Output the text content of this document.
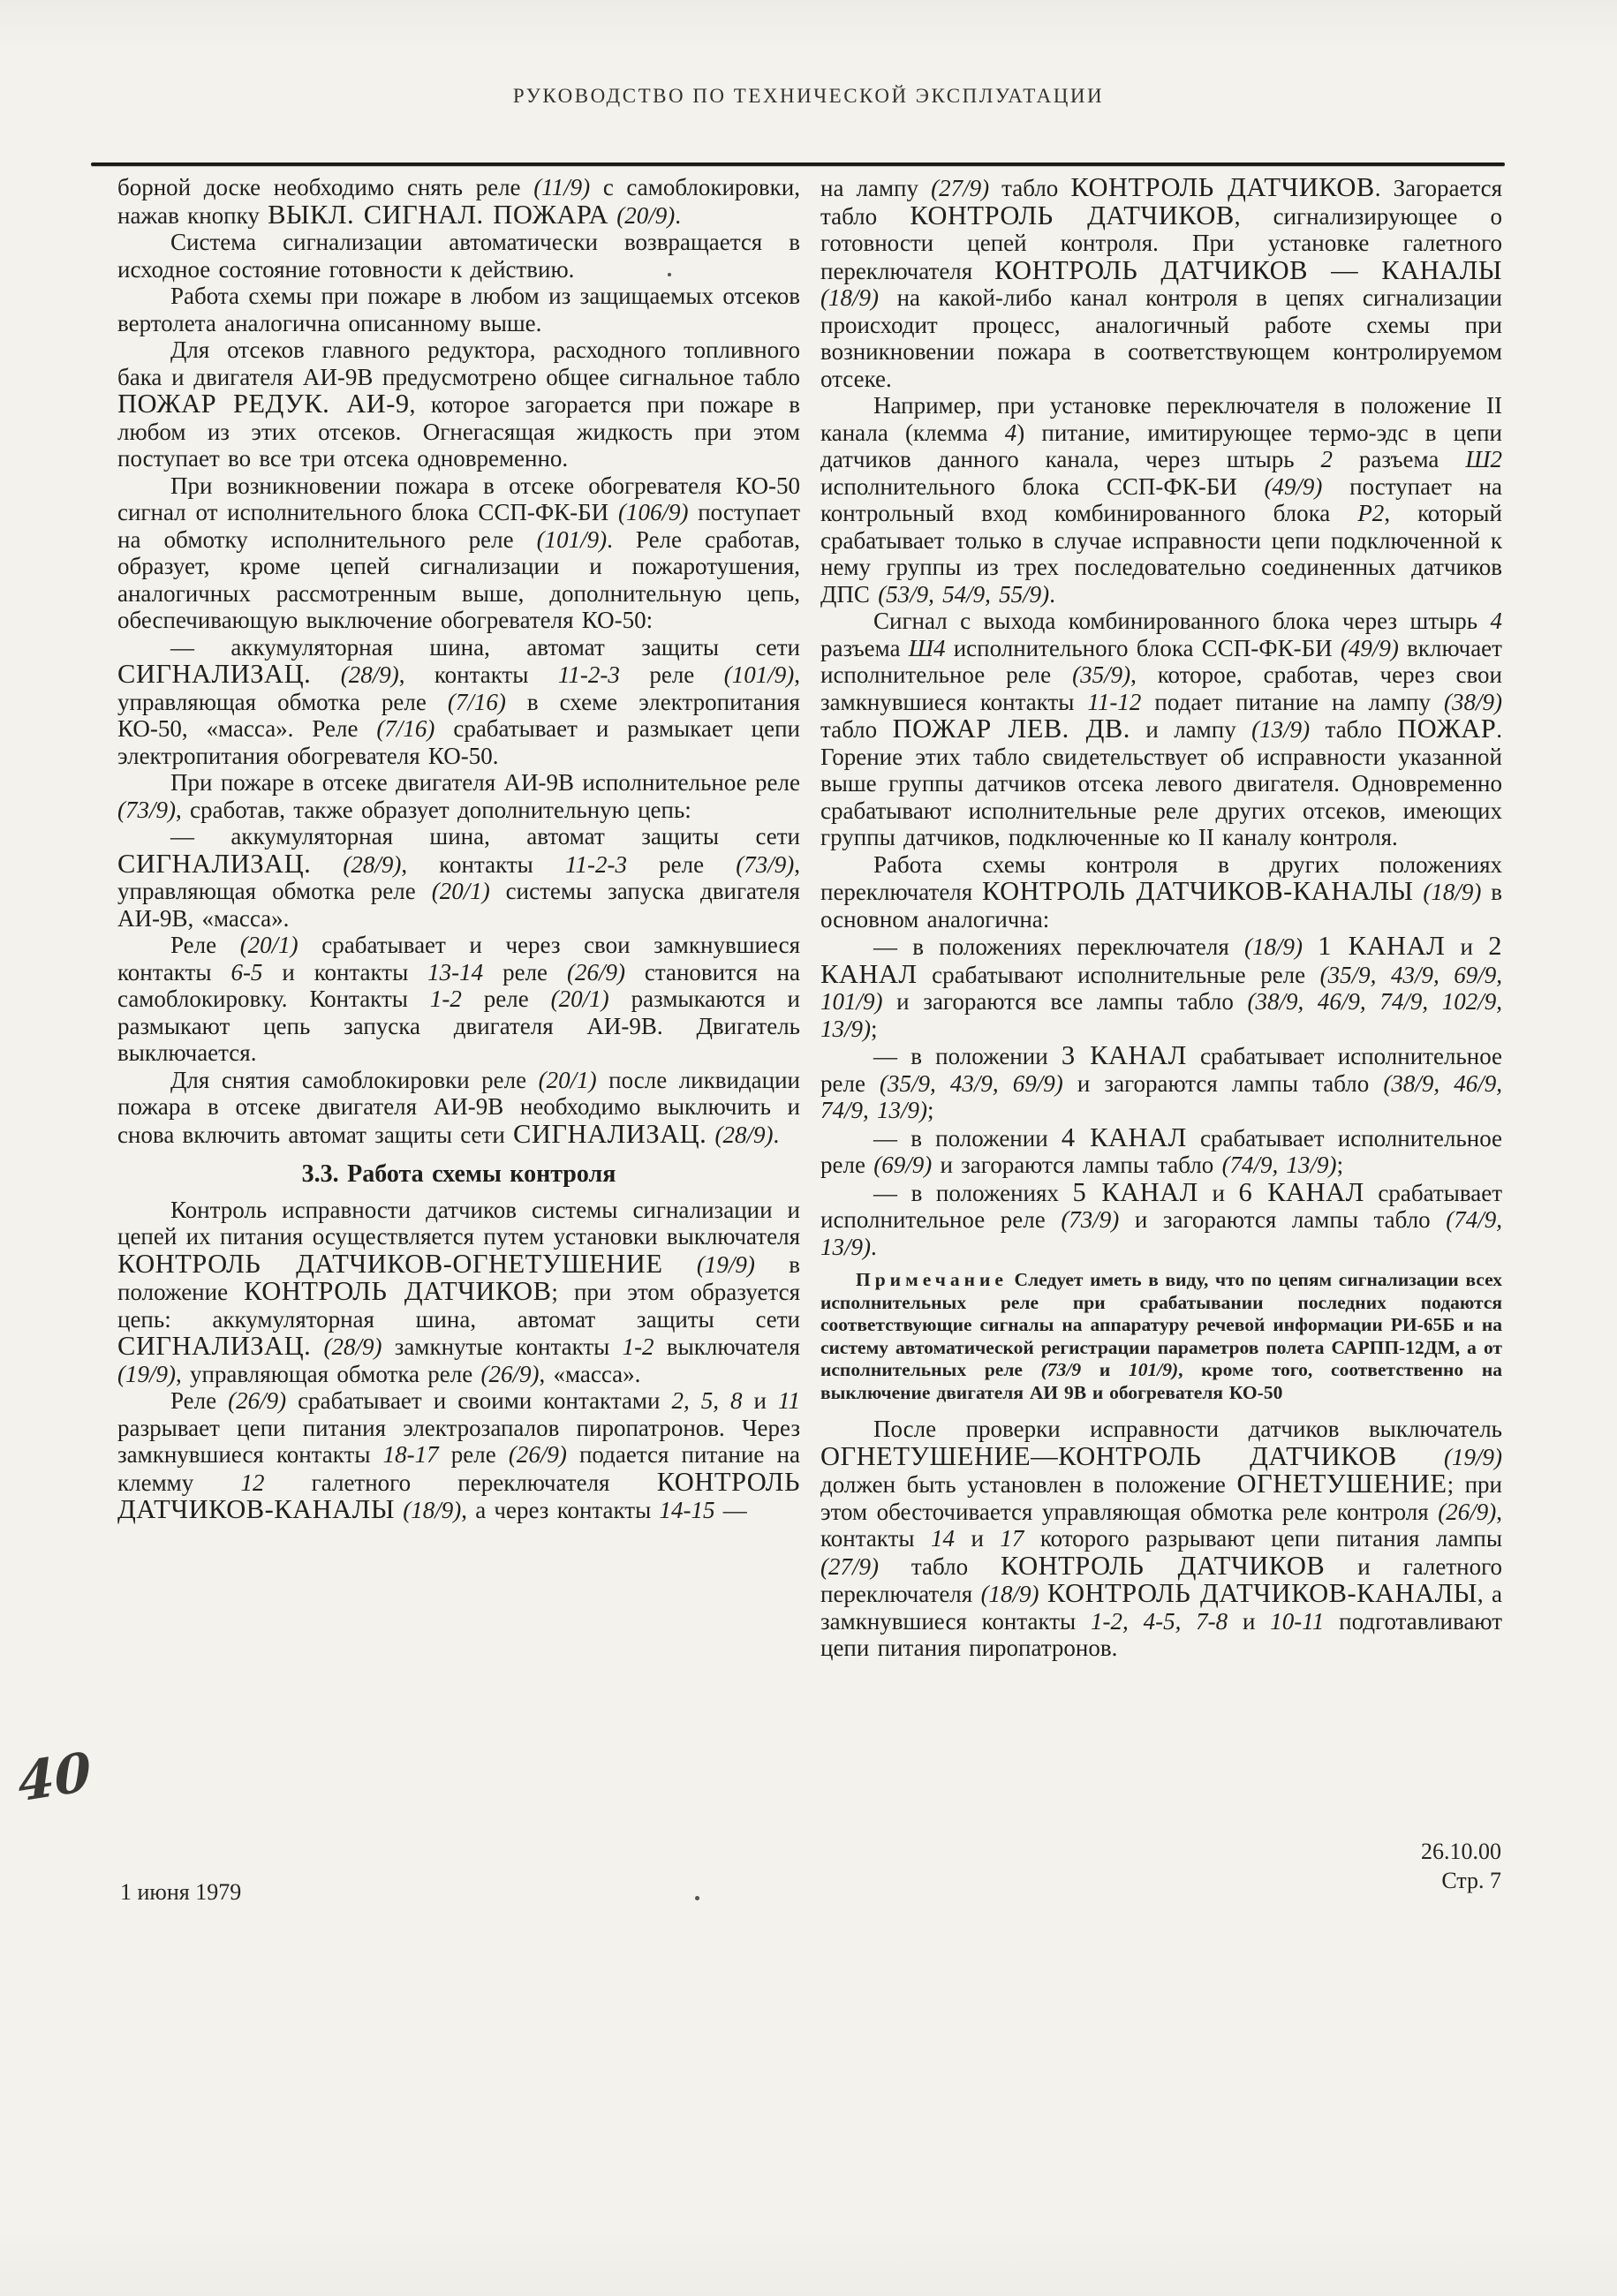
РУКОВОДСТВО ПО ТЕХНИЧЕСКОЙ ЭКСПЛУАТАЦИИ

борной доске необходимо снять реле (11/9) с самоблокировки, нажав кнопку ВЫКЛ. СИГНАЛ. ПОЖАРА (20/9).

Система сигнализации автоматически возвращается в исходное состояние готовности к действию.

Работа схемы при пожаре в любом из защищаемых отсеков вертолета аналогична описанному выше.

Для отсеков главного редуктора, расходного топливного бака и двигателя АИ-9В предусмотрено общее сигнальное табло ПОЖАР РЕДУК. АИ-9, которое загорается при пожаре в любом из этих отсеков. Огнегасящая жидкость при этом поступает во все три отсека одновременно.

При возникновении пожара в отсеке обогревателя КО-50 сигнал от исполнительного блока ССП-ФК-БИ (106/9) поступает на обмотку исполнительного реле (101/9). Реле сработав, образует, кроме цепей сигнализации и пожаротушения, аналогичных рассмотренным выше, дополнительную цепь, обеспечивающую выключение обогревателя КО-50:

— аккумуляторная шина, автомат защиты сети СИГНАЛИЗАЦ. (28/9), контакты 11-2-3 реле (101/9), управляющая обмотка реле (7/16) в схеме электропитания КО-50, «масса». Реле (7/16) срабатывает и размыкает цепи электропитания обогревателя КО-50.

При пожаре в отсеке двигателя АИ-9В исполнительное реле (73/9), сработав, также образует дополнительную цепь:

— аккумуляторная шина, автомат защиты сети СИГНАЛИЗАЦ. (28/9), контакты 11-2-3 реле (73/9), управляющая обмотка реле (20/1) системы запуска двигателя АИ-9В, «масса».

Реле (20/1) срабатывает и через свои замкнувшиеся контакты 6-5 и контакты 13-14 реле (26/9) становится на самоблокировку. Контакты 1-2 реле (20/1) размыкаются и размыкают цепь запуска двигателя АИ-9В. Двигатель выключается.

Для снятия самоблокировки реле (20/1) после ликвидации пожара в отсеке двигателя АИ-9В необходимо выключить и снова включить автомат защиты сети СИГНАЛИЗАЦ. (28/9).

3.3. Работа схемы контроля

Контроль исправности датчиков системы сигнализации и цепей их питания осуществляется путем установки выключателя КОНТРОЛЬ ДАТЧИКОВ-ОГНЕТУШЕНИЕ (19/9) в положение КОНТРОЛЬ ДАТЧИКОВ; при этом образуется цепь: аккумуляторная шина, автомат защиты сети СИГНАЛИЗАЦ. (28/9) замкнутые контакты 1-2 выключателя (19/9), управляющая обмотка реле (26/9), «масса».

Реле (26/9) срабатывает и своими контактами 2, 5, 8 и 11 разрывает цепи питания электрозапалов пиропатронов. Через замкнувшиеся контакты 18-17 реле (26/9) подается питание на клемму 12 галетного переключателя КОНТРОЛЬ ДАТЧИКОВ-КАНАЛЫ (18/9), а через контакты 14-15 —

на лампу (27/9) табло КОНТРОЛЬ ДАТЧИКОВ. Загорается табло КОНТРОЛЬ ДАТЧИКОВ, сигнализирующее о готовности цепей контроля. При установке галетного переключателя КОНТРОЛЬ ДАТЧИКОВ — КАНАЛЫ (18/9) на какой-либо канал контроля в цепях сигнализации происходит процесс, аналогичный работе схемы при возникновении пожара в соответствующем контролируемом отсеке.

Например, при установке переключателя в положение II канала (клемма 4) питание, имитирующее термо-эдс в цепи датчиков данного канала, через штырь 2 разъема Ш2 исполнительного блока ССП-ФК-БИ (49/9) поступает на контрольный вход комбинированного блока Р2, который срабатывает только в случае исправности цепи подключенной к нему группы из трех последовательно соединенных датчиков ДПС (53/9, 54/9, 55/9).

Сигнал с выхода комбинированного блока через штырь 4 разъема Ш4 исполнительного блока ССП-ФК-БИ (49/9) включает исполнительное реле (35/9), которое, сработав, через свои замкнувшиеся контакты 11-12 подает питание на лампу (38/9) табло ПОЖАР ЛЕВ. ДВ. и лампу (13/9) табло ПОЖАР. Горение этих табло свидетельствует об исправности указанной выше группы датчиков отсека левого двигателя. Одновременно срабатывают исполнительные реле других отсеков, имеющих группы датчиков, подключенные ко II каналу контроля.

Работа схемы контроля в других положениях переключателя КОНТРОЛЬ ДАТЧИКОВ-КАНАЛЫ (18/9) в основном аналогична:

— в положениях переключателя (18/9) 1 КАНАЛ и 2 КАНАЛ срабатывают исполнительные реле (35/9, 43/9, 69/9, 101/9) и загораются все лампы табло (38/9, 46/9, 74/9, 102/9, 13/9);

— в положении 3 КАНАЛ срабатывает исполнительное реле (35/9, 43/9, 69/9) и загораются лампы табло (38/9, 46/9, 74/9, 13/9);

— в положении 4 КАНАЛ срабатывает исполнительное реле (69/9) и загораются лампы табло (74/9, 13/9);

— в положениях 5 КАНАЛ и 6 КАНАЛ срабатывает исполнительное реле (73/9) и загораются лампы табло (74/9, 13/9).

Примечание Следует иметь в виду, что по цепям сигнализации всех исполнительных реле при срабатывании последних подаются соответствующие сигналы на аппаратуру речевой информации РИ-65Б и на систему автоматической регистрации параметров полета САРПП-12ДМ, а от исполнительных реле (73/9 и 101/9), кроме того, соответственно на выключение двигателя АИ 9В и обогревателя КО-50

После проверки исправности датчиков выключатель ОГНЕТУШЕНИЕ—КОНТРОЛЬ ДАТЧИКОВ (19/9) должен быть установлен в положение ОГНЕТУШЕНИЕ; при этом обесточивается управляющая обмотка реле контроля (26/9), контакты 14 и 17 которого разрывают цепи питания лампы (27/9) табло КОНТРОЛЬ ДАТЧИКОВ и галетного переключателя (18/9) КОНТРОЛЬ ДАТЧИКОВ-КАНАЛЫ, а замкнувшиеся контакты 1-2, 4-5, 7-8 и 10-11 подготавливают цепи питания пиропатронов.

1 июня 1979
26.10.00
Стр. 7
40
